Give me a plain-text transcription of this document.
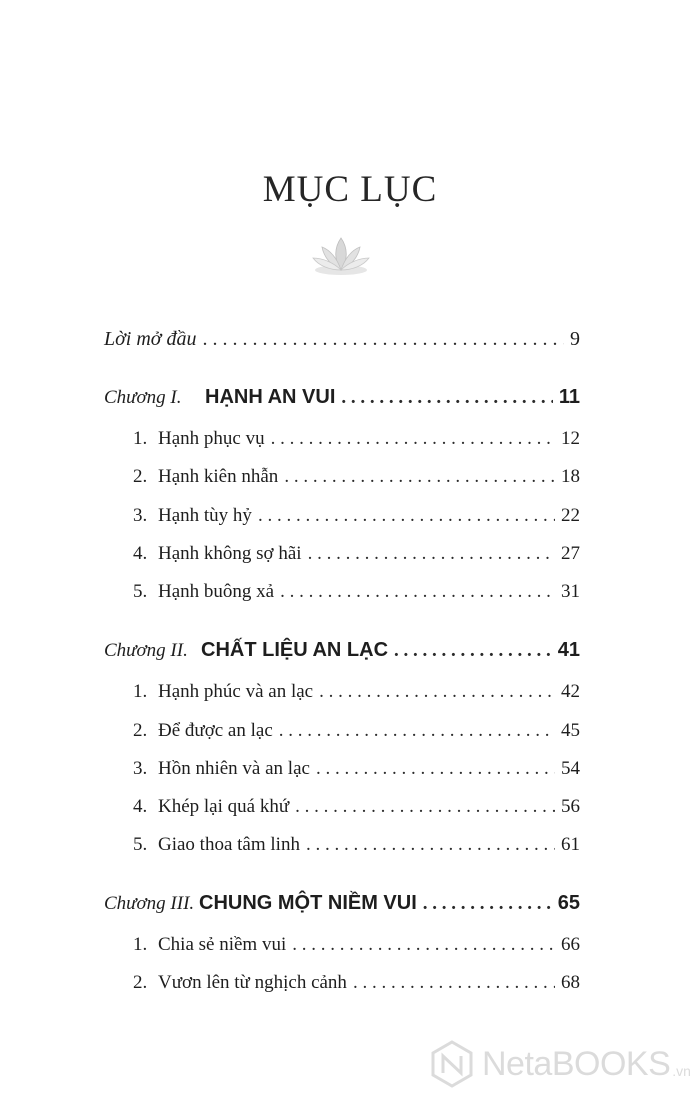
MỤC LỤC
Lời mở đầu . . .	9
Chương I.	HẠNH AN VUI . . .	11
1. Hạnh phục vụ . . .	12
2. Hạnh kiên nhẫn . . .	18
3. Hạnh tùy hỷ . . .	22
4. Hạnh không sợ hãi . . .	27
5. Hạnh buông xả . . .	31
Chương II. CHẤT LIỆU AN LẠC . . .	41
1. Hạnh phúc và an lạc . . .	42
2. Để được an lạc . . .	45
3. Hồn nhiên và an lạc . . .	54
4. Khép lại quá khứ . . .	56
5. Giao thoa tâm linh . . .	61
Chương III. CHUNG MỘT NIỀM VUI . . .	65
1. Chia sẻ niềm vui . . .	66
2. Vươn lên từ nghịch cảnh . . .	68
NetaBOOKS .vn
